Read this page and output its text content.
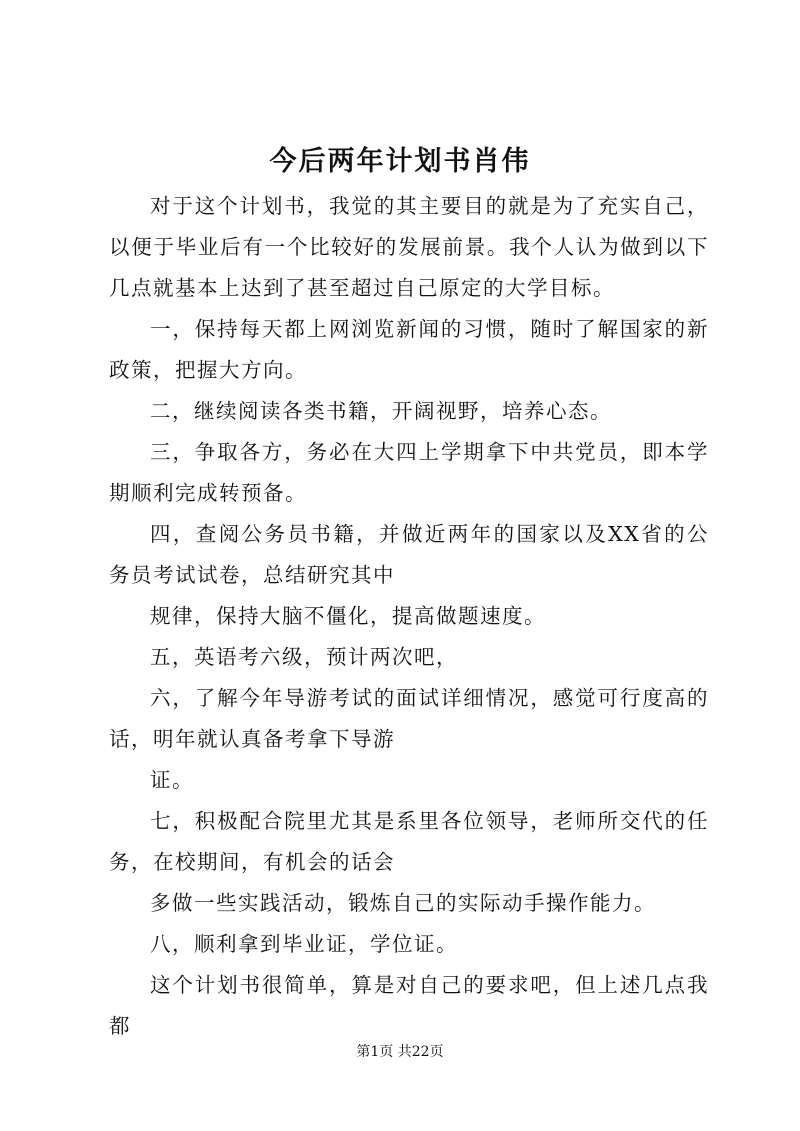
今后两年计划书肖伟

对于这个计划书，我觉的其主要目的就是为了充实自己，以便于毕业后有一个比较好的发展前景。我个人认为做到以下几点就基本上达到了甚至超过自己原定的大学目标。

一，保持每天都上网浏览新闻的习惯，随时了解国家的新政策，把握大方向。

二，继续阅读各类书籍，开阔视野，培养心态。

三，争取各方，务必在大四上学期拿下中共党员，即本学期顺利完成转预备。

四，查阅公务员书籍，并做近两年的国家以及XX省的公务员考试试卷，总结研究其中

规律，保持大脑不僵化，提高做题速度。

五，英语考六级，预计两次吧，

六，了解今年导游考试的面试详细情况，感觉可行度高的话，明年就认真备考拿下导游

证。

七，积极配合院里尤其是系里各位领导，老师所交代的任务，在校期间，有机会的话会

多做一些实践活动，锻炼自己的实际动手操作能力。

八，顺利拿到毕业证，学位证。

这个计划书很简单，算是对自己的要求吧，但上述几点我都

第1页 共22页
